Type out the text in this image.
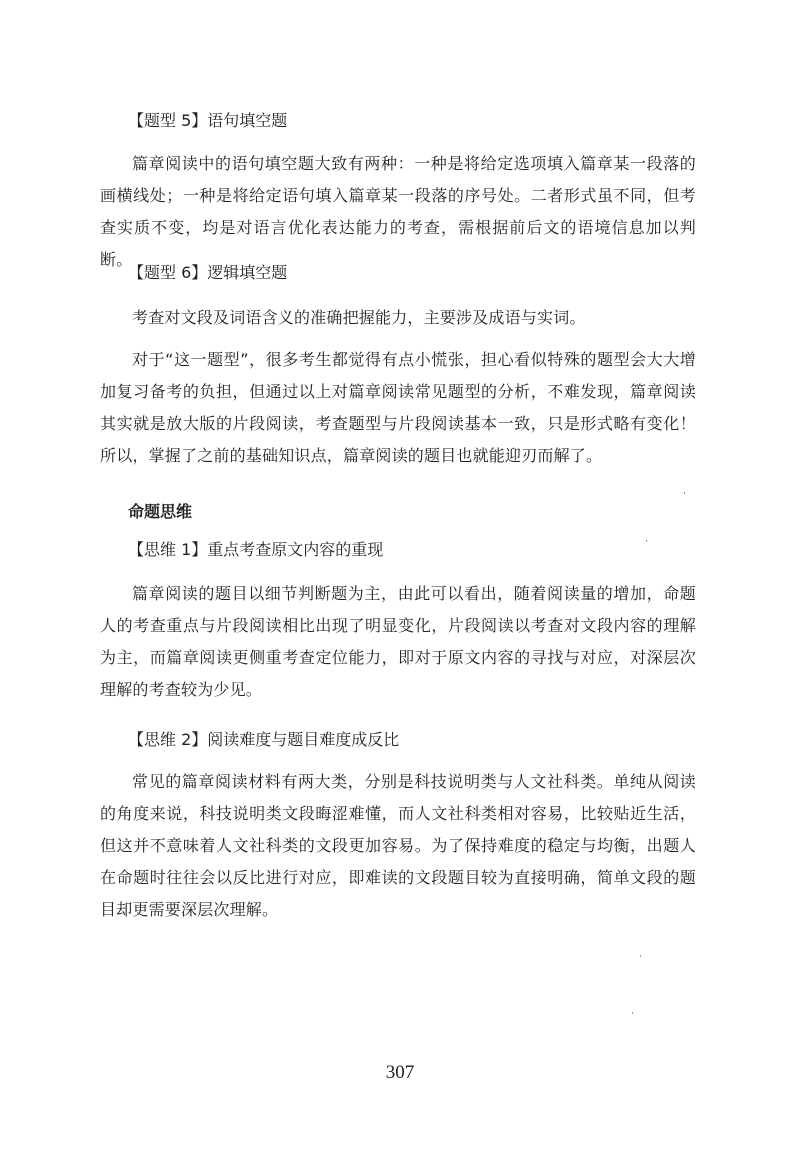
【题型 5】语句填空题
篇章阅读中的语句填空题大致有两种：一种是将给定选项填入篇章某一段落的画横线处；一种是将给定语句填入篇章某一段落的序号处。二者形式虽不同，但考查实质不变，均是对语言优化表达能力的考查，需根据前后文的语境信息加以判断。
【题型 6】逻辑填空题
考查对文段及词语含义的准确把握能力，主要涉及成语与实词。
对于“这一题型”，很多考生都觉得有点小慌张，担心看似特殊的题型会大大增加复习备考的负担，但通过以上对篇章阅读常见题型的分析，不难发现，篇章阅读其实就是放大版的片段阅读，考查题型与片段阅读基本一致，只是形式略有变化！所以，掌握了之前的基础知识点，篇章阅读的题目也就能迎刃而解了。
命题思维
【思维 1】重点考查原文内容的重现
篇章阅读的题目以细节判断题为主，由此可以看出，随着阅读量的增加，命题人的考查重点与片段阅读相比出现了明显变化，片段阅读以考查对文段内容的理解为主，而篇章阅读更侧重考查定位能力，即对于原文内容的寻找与对应，对深层次理解的考查较为少见。
【思维 2】阅读难度与题目难度成反比
常见的篇章阅读材料有两大类，分别是科技说明类与人文社科类。单纯从阅读的角度来说，科技说明类文段晦涩难懂，而人文社科类相对容易，比较贴近生活，但这并不意味着人文社科类的文段更加容易。为了保持难度的稳定与均衡，出题人在命题时往往会以反比进行对应，即难读的文段题目较为直接明确，简单文段的题目却更需要深层次理解。
307
